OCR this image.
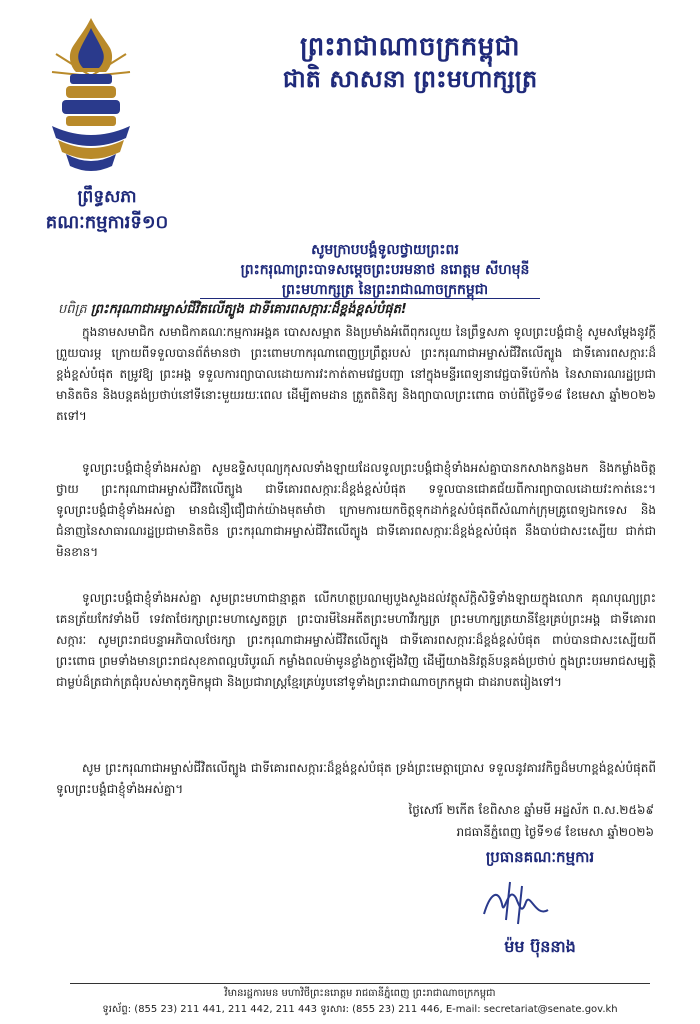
ព្រះរាជាណាចក្រកម្ពុជា
ជាតិ សាសនា ព្រះមហាក្សត្រ
ព្រឹទ្ធសភា
គណៈកម្មការទី១០
សូមក្រាបបង្គំទូលថ្វាយព្រះពរ
ព្រះករុណាព្រះបាទសម្តេចព្រះបរមនាថ នរោត្តម សីហមុនី
ព្រះមហាក្សត្រ នៃព្រះរាជាណាចក្រកម្ពុជា
បពិត្រ ព្រះករុណាជាអម្ចាស់ជីវិតលើត្បូង ជាទីគោរពសក្ការៈដ៏ខ្ពង់ខ្ពស់បំផុត!
ក្នុងនាមសមាជិក សមាជិកាគណៈកម្មការអង្គគ បោសសម្អាត និងប្រមាំងអំពើពុករលួយ នៃព្រឹទ្ធសភា ទូលព្រះបង្គំជាខ្ញុំ សូមសម្តែងនូវក្តីព្រួយបារម្ភ ក្រោយពីទទួលបានព័ត៌មានថា ព្រះពោមហាករុណាពេញប្រព្រឹត្តរបស់ ព្រះករុណាជាអម្ចាស់ជីវិតលើត្បូង ជាទីគោរពសក្ការៈដ៏ខ្ពង់ខ្ពស់បំផុត តម្រូវឱ្យ ព្រះអង្គ ទទួលការព្យាបាលដោយការវះកាត់តាមវេជ្ជបញ្ជា នៅក្នុងមន្ទីរពេទ្យនាវេជ្ជបាទីប៉េកាំង នៃសាធារណរដ្ឋប្រជាមានិតចិន និងបន្តគង់ប្រថាប់នៅទីនោះមួយរយៈពេល ដើម្បីតាមដាន ត្រួតពិនិត្យ និងព្យាបាលព្រះពោធ ចាប់ពីថ្ងៃទី១៨ ខែមេសា ឆ្នាំ២០២៦ តទៅ។
ទូលព្រះបង្គំជាខ្ញុំទាំងអស់គ្នា សូមឧទ្ទិសបុណ្យកុសលទាំងឡាយដែលទូលព្រះបង្គំជាខ្ញុំទាំងអស់គ្នាបានកសាងកន្លងមក និងកម្លាំងចិត្ត ថ្វាយ ព្រះករុណាជាអម្ចាស់ជីវិតលើត្បូង ជាទីគោរពសក្ការៈដ៏ខ្ពង់ខ្ពស់បំផុត ទទួលបានជោគជ័យពីការព្យាបាលដោយវះកាត់នេះ។ ទូលព្រះបង្គំជាខ្ញុំទាំងអស់គ្នា មានជំនឿជឿជាក់យ៉ាងមុតមាំថា ក្រោមការយកចិត្តទុកដាក់ខ្ពស់បំផុតពីសំណាក់ក្រុមគ្រូពេទ្យឯកទេស និងជំនាញនៃសាធារណរដ្ឋប្រជាមានិតចិន ព្រះករុណាជាអម្ចាស់ជីវិតលើត្បូង ជាទីគោរពសក្ការៈដ៏ខ្ពង់ខ្ពស់បំផុត នឹងបាប់ជាសះស្បើយ ជាក់ជាមិនខាន។
ទូលព្រះបង្គំជាខ្ញុំទាំងអស់គ្នា សូមព្រះមហាជាន្មាគ្គត លើកហត្ថប្រណម្យបួងសួងដល់វត្ថុស័ក្តិសិទ្ធិទាំងឡាយក្នុងលោក គុណបុណ្យព្រះគេនត្រ័យកែវទាំងបី ទេវតាថែរក្សាព្រះមហាស្វេតច្ឆត្រ ព្រះបារមីនៃអតីតព្រះមហាវីរក្សត្រ ព្រះមហាក្សត្រយានីខ្មែរគ្រប់ព្រះអង្គ ជាទីគោរពសក្ការៈ សូមព្រះរាជបន្ទាអភិបាលថែរក្សា ព្រះករុណាជាអម្ចាស់ជីវិតលើត្បូង ជាទីគោរពសក្ការៈដ៏ខ្ពង់ខ្ពស់បំផុត ពាប់បានជាសះស្បើយពីព្រះពោធ ព្រមទាំងមានព្រះរាជសុខភាពល្អបរិបូរណ៍ កម្លាំងពលម៉ាមូនខ្លាំងក្លាឡើងវិញ ដើម្បីយាងនិវត្តន៍បន្តគង់ប្រថាប់ ក្នុងព្រះបរមរាជសម្បត្តិ ជាម្លប់ដ៏ត្រជាក់ត្រជុំរបស់មាតុភូមិកម្ពុជា និងប្រជារាស្ត្រខ្មែរគ្រប់រូបនៅទូទាំងព្រះរាជាណាចក្រកម្ពុជា ជាដរាបតរៀងទៅ។
សូម ព្រះករុណាជាអម្ចាស់ជីវិតលើត្បូង ជាទីគោរពសក្ការៈដ៏ខ្ពង់ខ្ពស់បំផុត ទ្រង់ព្រះមេត្តាប្រោស ទទួលនូវគារវកិច្ចដ៏មហាខ្ពង់ខ្ពស់បំផុតពីទូលព្រះបង្គំជាខ្ញុំទាំងអស់គ្នា។
ថ្ងៃសៅរ៍ ២កើត ខែពិសាខ ឆ្នាំមមី អដ្ឋស័ក ព.ស.២៥៦៩
រាជធានីភ្នំពេញ ថ្ងៃទី១៨ ខែមេសា ឆ្នាំ២០២៦
ប្រធានគណៈកម្មការ
ម៉ម ប៊ុននាង
វិមានរដ្ឋការមន មហាវិថីព្រះនរោត្តម រាជធានីភ្នំពេញ ព្រះរាជាណាចក្រកម្ពុជា
ទូរស័ព្ទ: (855 23) 211 441, 211 442, 211 443 ទូរសារ: (855 23) 211 446, E-mail: secretariat@senate.gov.kh
